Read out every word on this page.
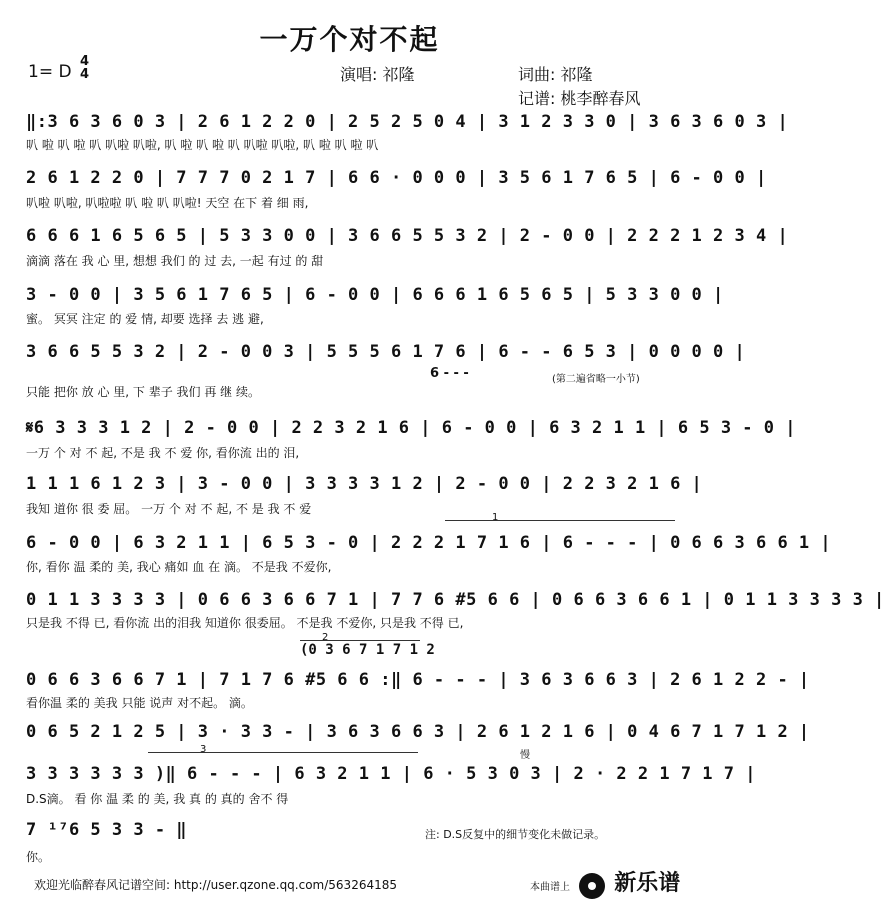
一万个对不起
1= D
4
4	演唱: 祁隆	词曲: 祁隆
记谱: 桃李醉春风
‖:3 6 3 6 0 3 | 2 6 1 2 2 0 | 2 5 2 5 0 4 | 3 1 2 3 3 0 | 3 6 3 6 0 3 |
叭 啦 叭 啦 叭 叭啦 叭啦, 叭 啦 叭 啦 叭 叭啦 叭啦, 叭 啦 叭 啦 叭
2 6 1 2 2 0 | 7 7 7 0 2 1 7 | 6 6 · 0 0 0 | 3 5 6 1 7 6 5 | 6 - 0 0 |
叭啦 叭啦, 叭啦啦 叭 啦 叭 叭啦! 天空 在下 着 细 雨,
6 6 6 1 6 5 6 5 | 5 3 3 0 0 | 3 6 6 5 5 3 2 | 2 - 0 0 | 2 2 2 1 2 3 4 |
滴滴 落在 我 心 里, 想想 我们 的 过 去, 一起 有过 的 甜
3 - 0 0 | 3 5 6 1 7 6 5 | 6 - 0 0 | 6 6 6 1 6 5 6 5 | 5 3 3 0 0 |
蜜。 冥冥 注定 的 爱 情, 却要 选择 去 逃 避,
3 6 6 5 5 3 2 | 2 - 0 0 3 | 5 5 5 6 1 7 6 | 6 - - 6 5 3 | 0 0 0 0 |
6 - - -	(第二遍省略一小节)
只能 把你 放 心 里, 下 辈子 我们 再 继 续。
𝄋6 3 3 3 1 2 | 2 - 0 0 | 2 2 3 2 1 6 | 6 - 0 0 | 6 3 2 1 1 | 6 5 3 - 0 |
一万 个 对 不 起, 不是 我 不 爱 你, 看你流 出的 泪,
1 1 1 6 1 2 3 | 3 - 0 0 | 3 3 3 3 1 2 | 2 - 0 0 | 2 2 3 2 1 6 |
我知 道你 很 委 屈。 一万 个 对 不 起, 不 是 我 不 爱
1
6 - 0 0 | 6 3 2 1 1 | 6 5 3 - 0 | 2 2 2 1 7 1 6 | 6 - - - | 0 6 6 3 6 6 1 |
你, 看你 温 柔的 美, 我心 痛如 血 在 滴。 不是我 不爱你,
0 1 1 3 3 3 3 | 0 6 6 3 6 6 7 1 | 7 7 6 #5 6 6 | 0 6 6 3 6 6 1 | 0 1 1 3 3 3 3 |
只是我 不得 已, 看你流 出的泪我 知道你 很委屈。 不是我 不爱你, 只是我 不得 已,
2
(0 3 6 7 1 7 1 2
0 6 6 3 6 6 7 1 | 7 1 7 6 #5 6 6 :‖ 6 - - - | 3 6 3 6 6 3 | 2 6 1 2 2 - |
看你温 柔的 美我 只能 说声 对不起。 滴。
0 6 5 2 1 2 5 | 3 · 3 3 - | 3 6 3 6 6 3 | 2 6 1 2 1 6 | 0 4 6 7 1 7 1 2 |
3
慢
3 3 3 3 3 3 )‖ 6 - - - | 6 3 2 1 1 | 6 · 5 3 0 3 | 2 · 2 2 1 7 1 7 |
D.S滴。 看 你 温 柔 的 美, 我 真 的 真的 舍不 得
7 ¹⁷6 5 3 3 - ‖
你。
注: D.S反复中的细节变化未做记录。
欢迎光临醉春风记谱空间: http://user.qzone.qq.com/563264185	本曲谱上 新乐谱
